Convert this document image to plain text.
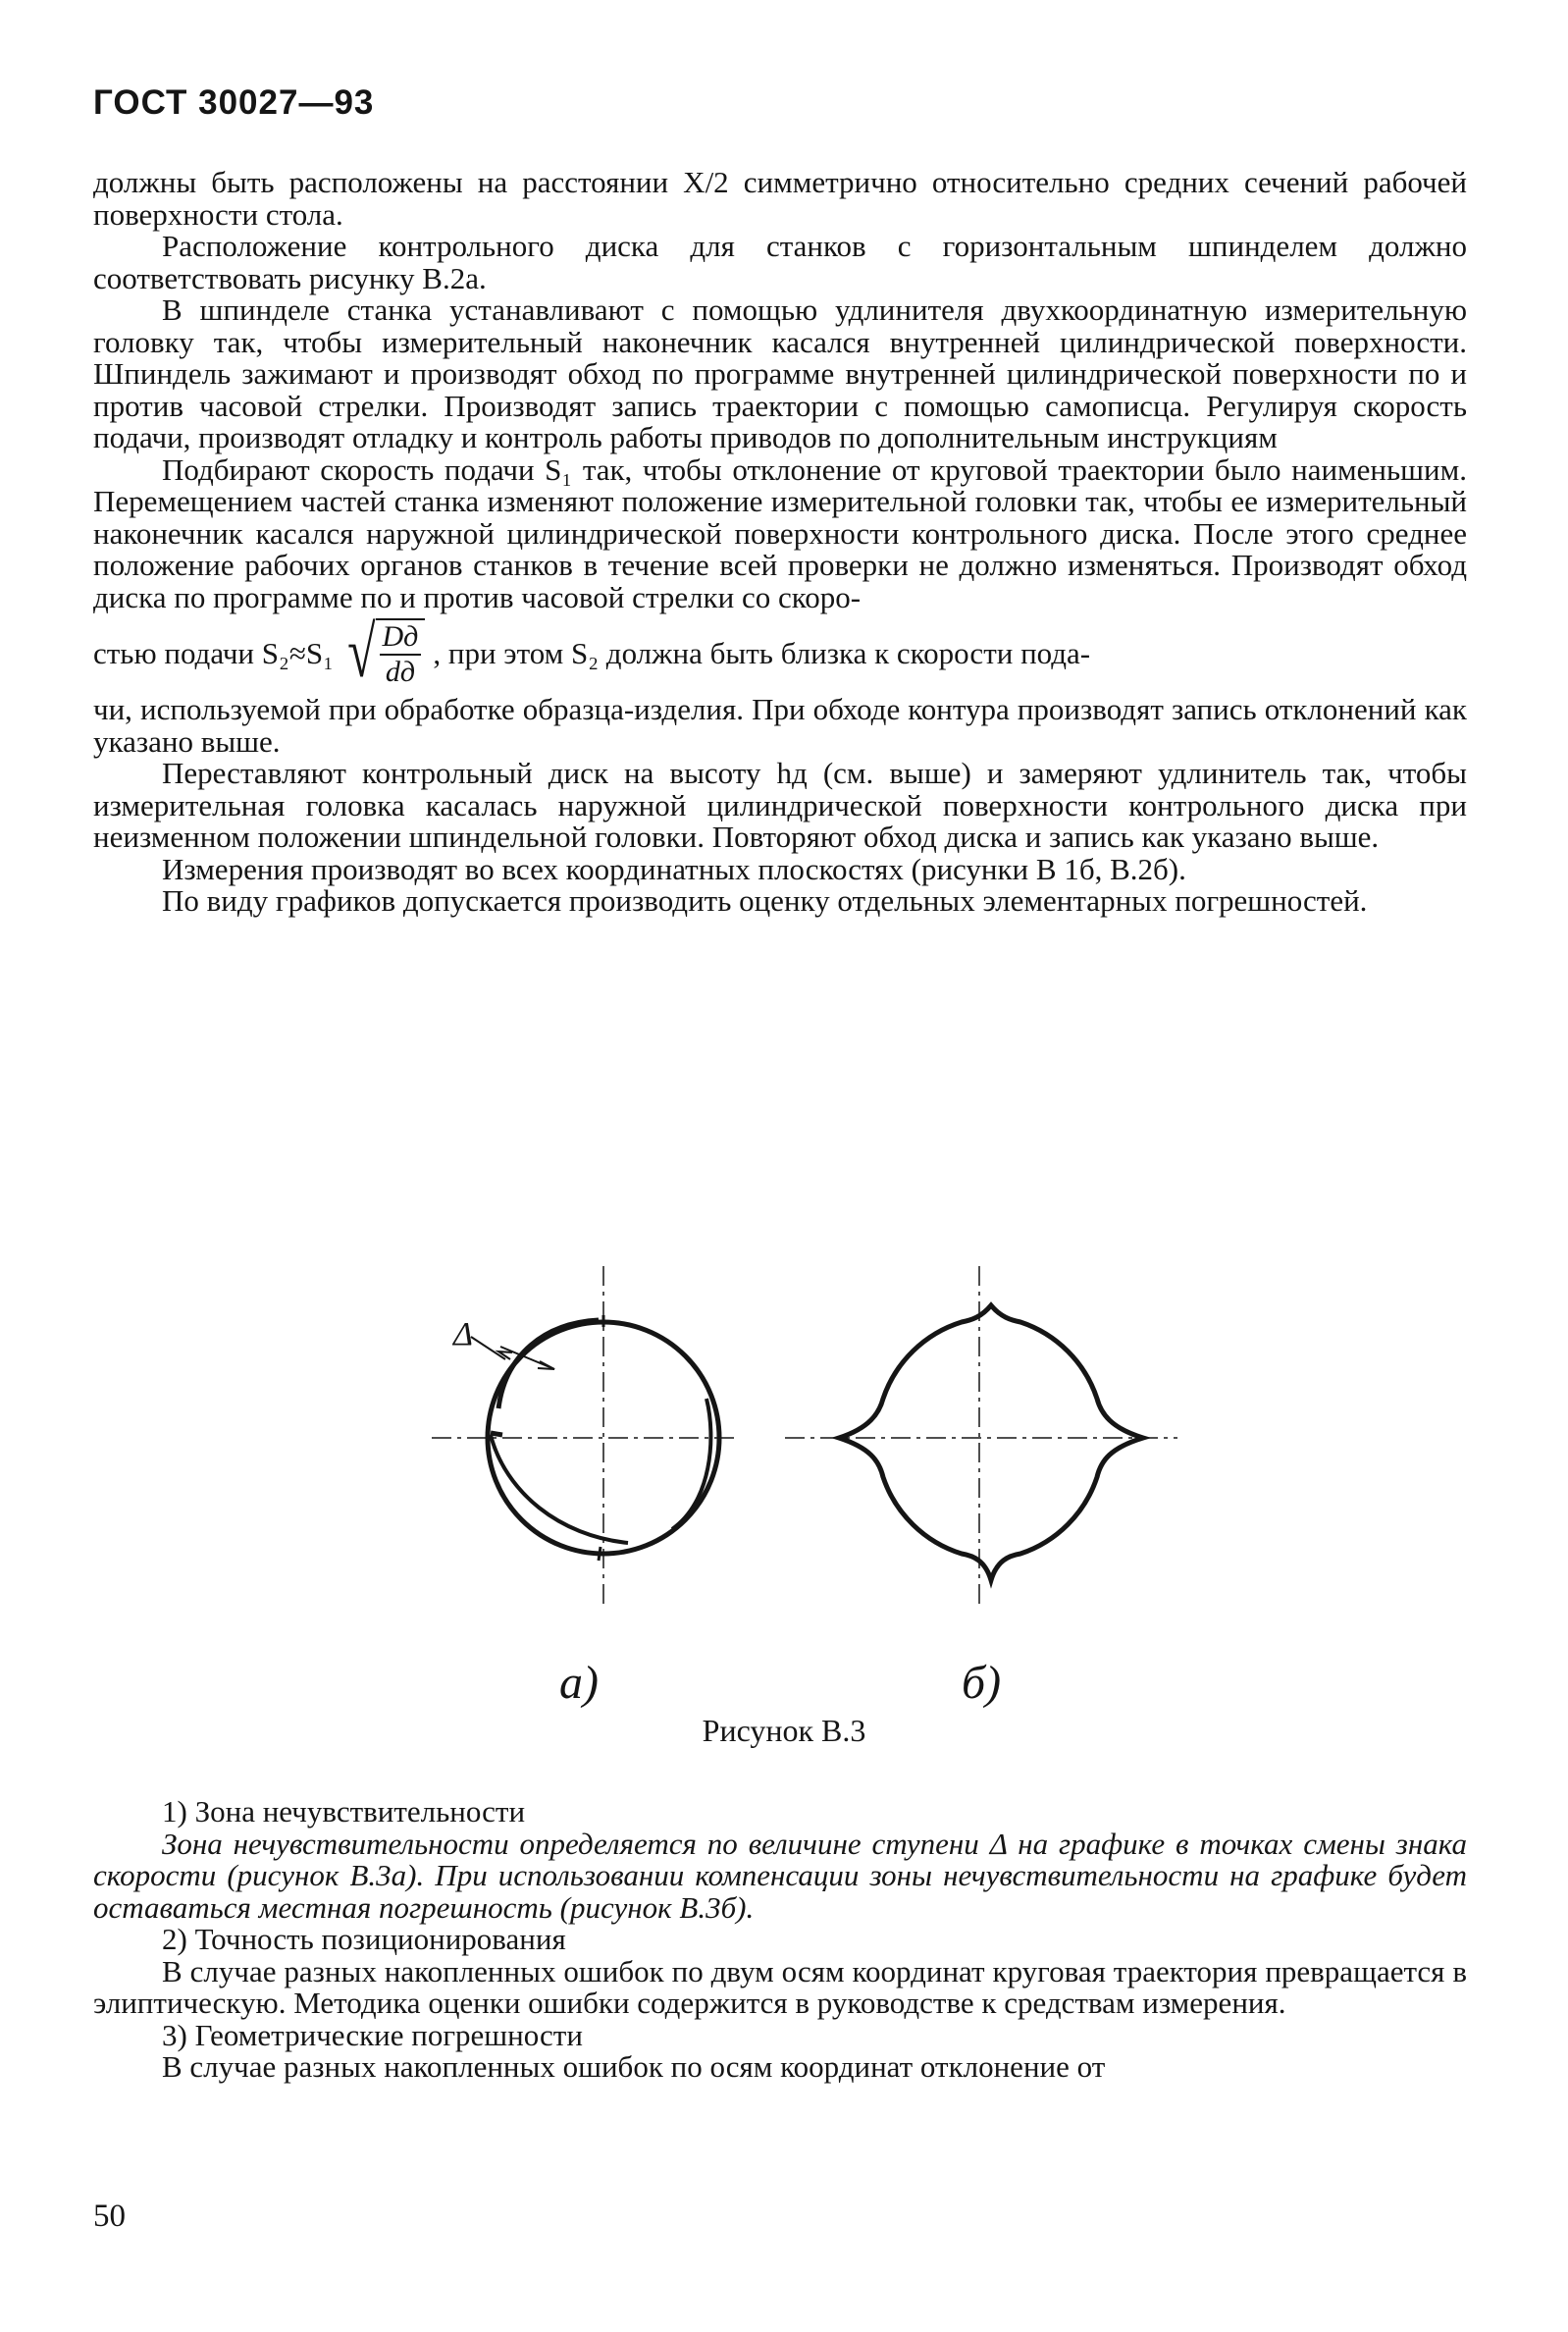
ГОСТ 30027—93

должны быть расположены на расстоянии X/2 симметрично относительно средних сечений рабочей поверхности стола.

Расположение контрольного диска для станков с горизонтальным шпинделем должно соответствовать рисунку В.2а.

В шпинделе станка устанавливают с помощью удлинителя двухкоординатную измерительную головку так, чтобы измерительный наконечник касался внутренней цилиндрической поверхности. Шпиндель зажимают и производят обход по программе внутренней цилиндрической поверхности по и против часовой стрелки. Производят запись траектории с помощью самописца. Регулируя скорость подачи, производят отладку и контроль работы приводов по дополнительным инструкциям

Подбирают скорость подачи S₁ так, чтобы отклонение от круговой траектории было наименьшим. Перемещением частей станка изменяют положение измерительной головки так, чтобы ее измерительный наконечник касался наружной цилиндрической поверхности контрольного диска. После этого среднее положение рабочих органов станков в течение всей проверки не должно изменяться. Производят обход диска по программе по и против часовой стрелки со скоро-

стью подачи S₂≈S₁ √ $\frac{Dд}{dд}$ , при этом S₂ должна быть близка к скорости пода-

чи, используемой при обработке образца-изделия. При обходе контура производят запись отклонений как указано выше.

Переставляют контрольный диск на высоту hд (см. выше) и замеряют удлинитель так, чтобы измерительная головка касалась наружной цилиндрической поверхности контрольного диска при неизменном положении шпиндельной головки. Повторяют обход диска и запись как указано выше.

Измерения производят во всех координатных плоскостях (рисунки В 1б, В.2б).

По виду графиков допускается производить оценку отдельных элементарных погрешностей.

Δ
а)	б)
Рисунок В.3

1) Зона нечувствительности

Зона нечувствительности определяется по величине ступени Δ на графике в точках смены знака скорости (рисунок В.3а). При использовании компенсации зоны нечувствительности на графике будет оставаться местная погрешность (рисунок В.3б).

2) Точность позиционирования

В случае разных накопленных ошибок по двум осям координат круговая траектория превращается в элиптическую. Методика оценки ошибки содержится в руководстве к средствам измерения.

3) Геометрические погрешности

В случае разных накопленных ошибок по осям координат отклонение от

50
